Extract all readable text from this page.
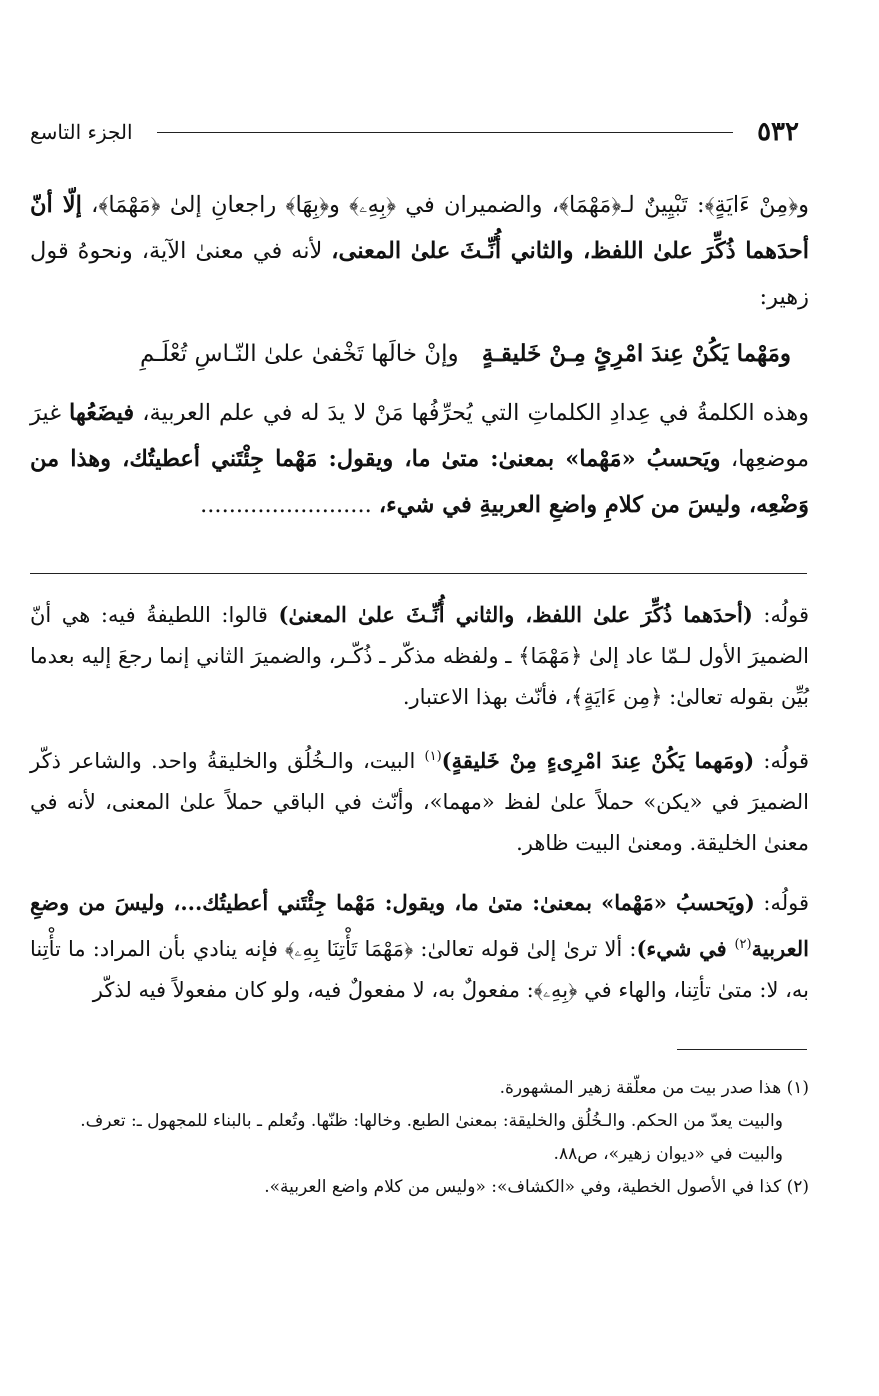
٥٣٢
الجزء التاسع

و﴿مِنْ ءَايَةٍ﴾: تَبْيِينٌ لـ﴿مَهْمَا﴾، والضميران في ﴿بِهِۦ﴾ و﴿بِهَا﴾ راجعانِ إلىٰ ﴿مَهْمَا﴾، إلّا أنّ أحدَهما ذُكِّرَ علىٰ اللفظ، والثاني أُنِّـثَ علىٰ المعنى، لأنه في معنىٰ الآية، ونحوهُ قول زهير:

ومَهْما يَكُنْ عِندَ امْرِئٍ مِـنْ خَليقـةٍ
وإنْ خالَها تَخْفىٰ علىٰ النّـاسِ تُعْلَـمِ

وهذه الكلمةُ في عِدادِ الكلماتِ التي يُحرِّفُها مَنْ لا يدَ له في علم العربية، فيضَعُها غيرَ موضعِها، ويَحسبُ «مَهْما» بمعنىٰ: متىٰ ما، ويقول: مَهْما جِئْتَني أعطيتُك، وهذا من وَضْعِه، وليسَ من كلامِ واضعِ العربيةِ في شيء، ........................

قولُه: (أحدَهما ذُكِّرَ علىٰ اللفظ، والثاني أُنِّـثَ علىٰ المعنىٰ) قالوا: اللطيفةُ فيه: هي أنّ الضميرَ الأول لـمّا عاد إلىٰ ﴿مَهْمَا﴾ ـ ولفظه مذكّر ـ ذُكّـر، والضميرَ الثاني إنما رجعَ إليه بعدما بُيِّن بقوله تعالىٰ: ﴿مِن ءَايَةٍ﴾، فأنّث بهذا الاعتبار.

قولُه: (ومَهما يَكُنْ عِندَ امْرِىءٍ مِنْ خَليقةٍ)$^{(١)}$ البيت، والـخُلُق والخليقةُ واحد. والشاعر ذكّر الضميرَ في «يكن» حملاً علىٰ لفظ «مهما»، وأنّث في الباقي حملاً علىٰ المعنى، لأنه في معنىٰ الخليقة. ومعنىٰ البيت ظاهر.

قولُه: (ويَحسبُ «مَهْما» بمعنىٰ: متىٰ ما، ويقول: مَهْما جِئْتَني أعطيتُك...، وليسَ من وضعِ العربية$^{(٢)}$ في شيء): ألا ترىٰ إلىٰ قوله تعالىٰ: ﴿مَهْمَا تَأْتِنَا بِهِۦ﴾ فإنه ينادي بأن المراد: ما تأْتِنا به، لا: متىٰ تأتِنا، والهاء في ﴿بِهِۦ﴾: مفعولٌ به، لا مفعولٌ فيه، ولو كان مفعولاً فيه لذكّر

(١) هذا صدر بيت من معلّقة زهير المشهورة.

والبيت يعدّ من الحكم. والـخُلُق والخليقة: بمعنىٰ الطبع. وخالها: ظنّها. وتُعلم ـ بالبناء للمجهول ـ: تعرف.

والبيت في «ديوان زهير»، ص٨٨.

(٢) كذا في الأصول الخطية، وفي «الكشاف»: «وليس من كلام واضع العربية».
